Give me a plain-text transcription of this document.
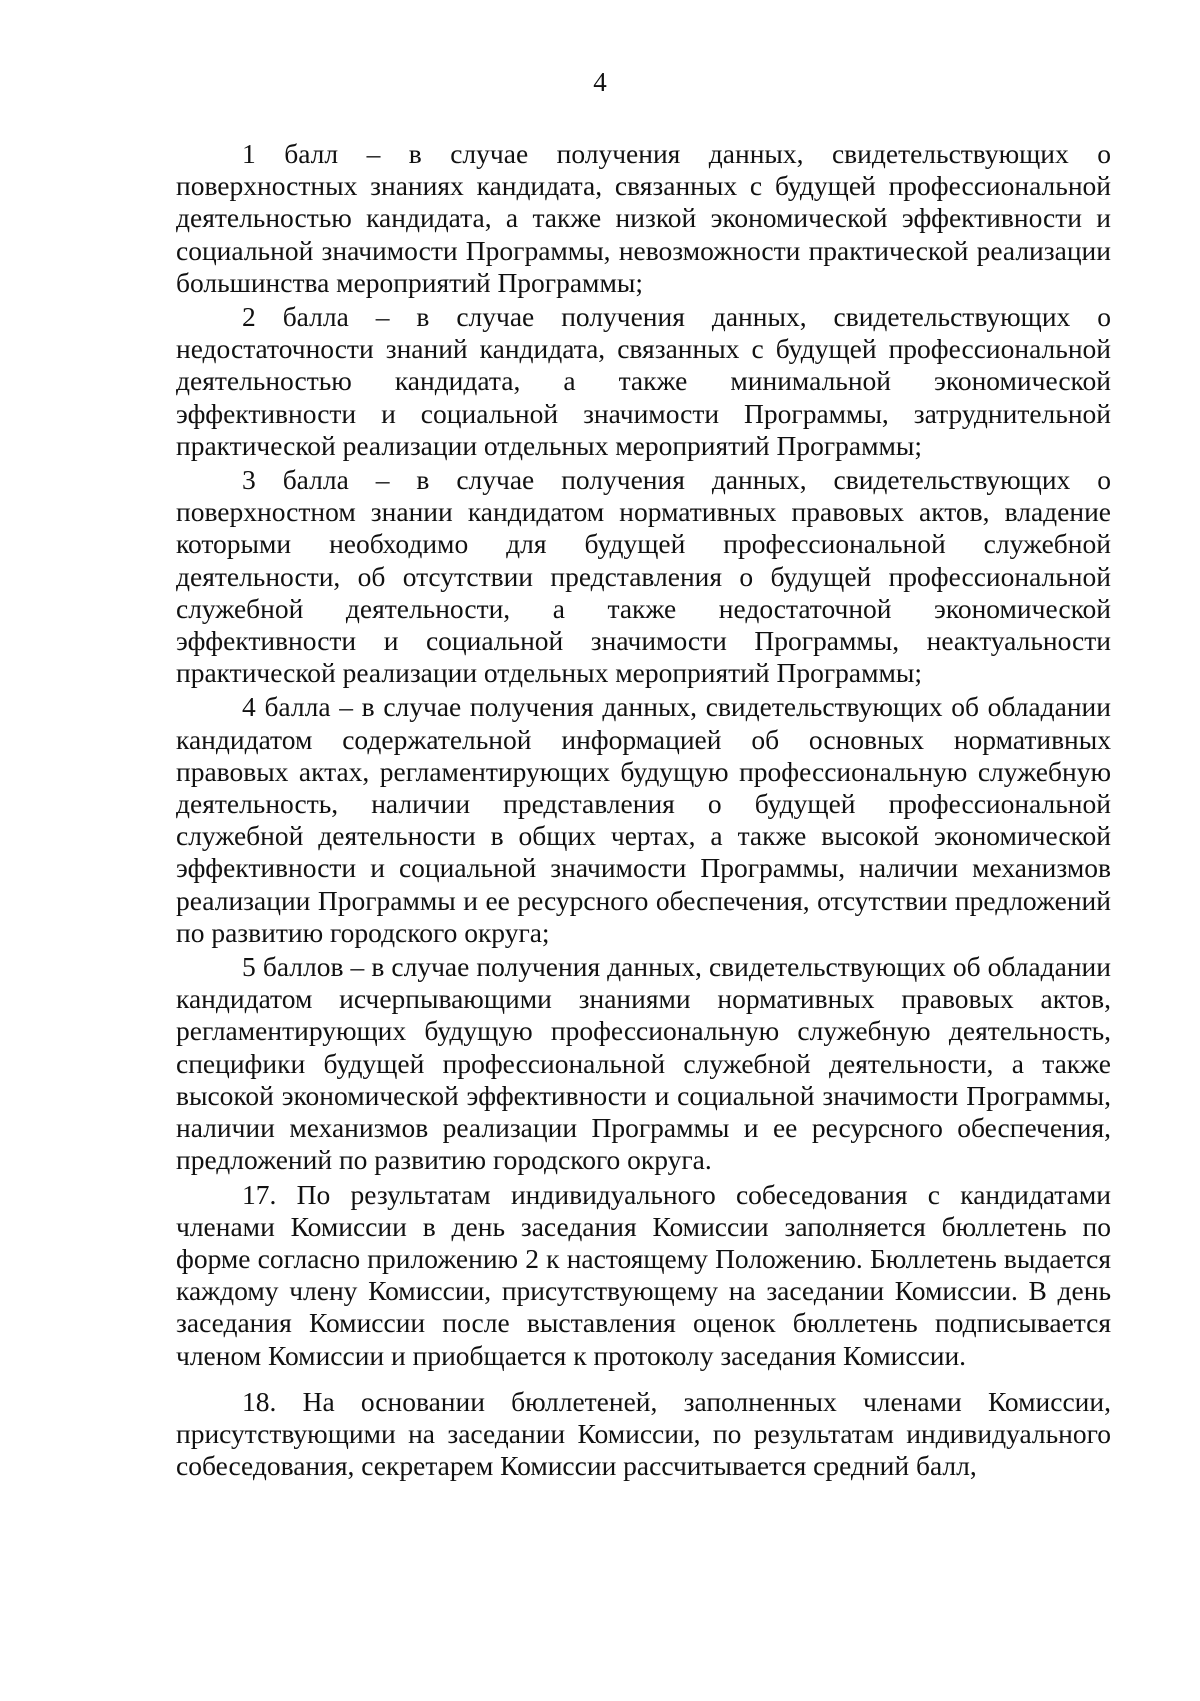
4

1 балл – в случае получения данных, свидетельствующих о поверхностных знаниях кандидата, связанных с будущей профессиональной деятельностью кандидата, а также низкой экономической эффективности и социальной значимости Программы, невозможности практической реализации большинства мероприятий Программы;

2 балла – в случае получения данных, свидетельствующих о недостаточности знаний кандидата, связанных с будущей профессиональной деятельностью кандидата, а также минимальной экономической эффективности и социальной значимости Программы, затруднительной практической реализации отдельных мероприятий Программы;

3 балла – в случае получения данных, свидетельствующих о поверхностном знании кандидатом нормативных правовых актов, владение которыми необходимо для будущей профессиональной служебной деятельности, об отсутствии представления о будущей профессиональной служебной деятельности, а также недостаточной экономической эффективности и социальной значимости Программы, неактуальности практической реализации отдельных мероприятий Программы;

4 балла – в случае получения данных, свидетельствующих об обладании кандидатом содержательной информацией об основных нормативных правовых актах, регламентирующих будущую профессиональную служебную деятельность, наличии представления о будущей профессиональной служебной деятельности в общих чертах, а также высокой экономической эффективности и социальной значимости Программы, наличии механизмов реализации Программы и ее ресурсного обеспечения, отсутствии предложений по развитию городского округа;

5 баллов – в случае получения данных, свидетельствующих об обладании кандидатом исчерпывающими знаниями нормативных правовых актов, регламентирующих будущую профессиональную служебную деятельность, специфики будущей профессиональной служебной деятельности, а также высокой экономической эффективности и социальной значимости Программы, наличии механизмов реализации Программы и ее ресурсного обеспечения, предложений по развитию городского округа.

17. По результатам индивидуального собеседования с кандидатами членами Комиссии в день заседания Комиссии заполняется бюллетень по форме согласно приложению 2 к настоящему Положению. Бюллетень выдается каждому члену Комиссии, присутствующему на заседании Комиссии. В день заседания Комиссии после выставления оценок бюллетень подписывается членом Комиссии и приобщается к протоколу заседания Комиссии.

18. На основании бюллетеней, заполненных членами Комиссии, присутствующими на заседании Комиссии, по результатам индивидуального собеседования, секретарем Комиссии рассчитывается средний балл,
